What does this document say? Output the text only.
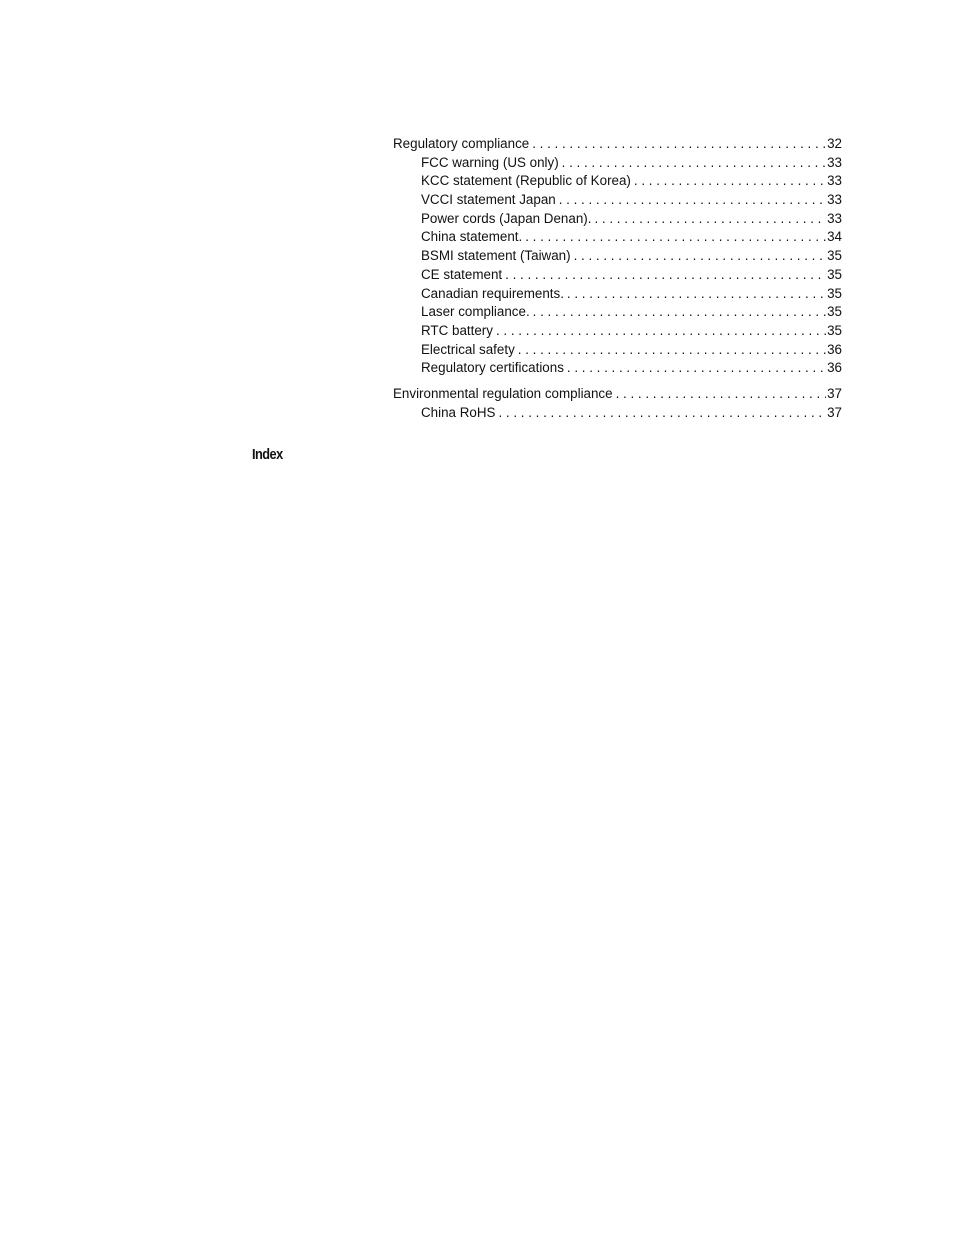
Regulatory compliance . . .	32
FCC warning (US only) . . .	33
KCC statement (Republic of Korea) . . .	33
VCCI statement Japan . . .	33
Power cords (Japan Denan). . . .	33
China statement. . . .	34
BSMI statement (Taiwan) . . .	35
CE statement . . .	35
Canadian requirements. . . .	35
Laser compliance. . . .	35
RTC battery . . .	35
Electrical safety . . .	36
Regulatory certifications . . .	36
Environmental regulation compliance . . .	37
China RoHS . . .	37
Index
